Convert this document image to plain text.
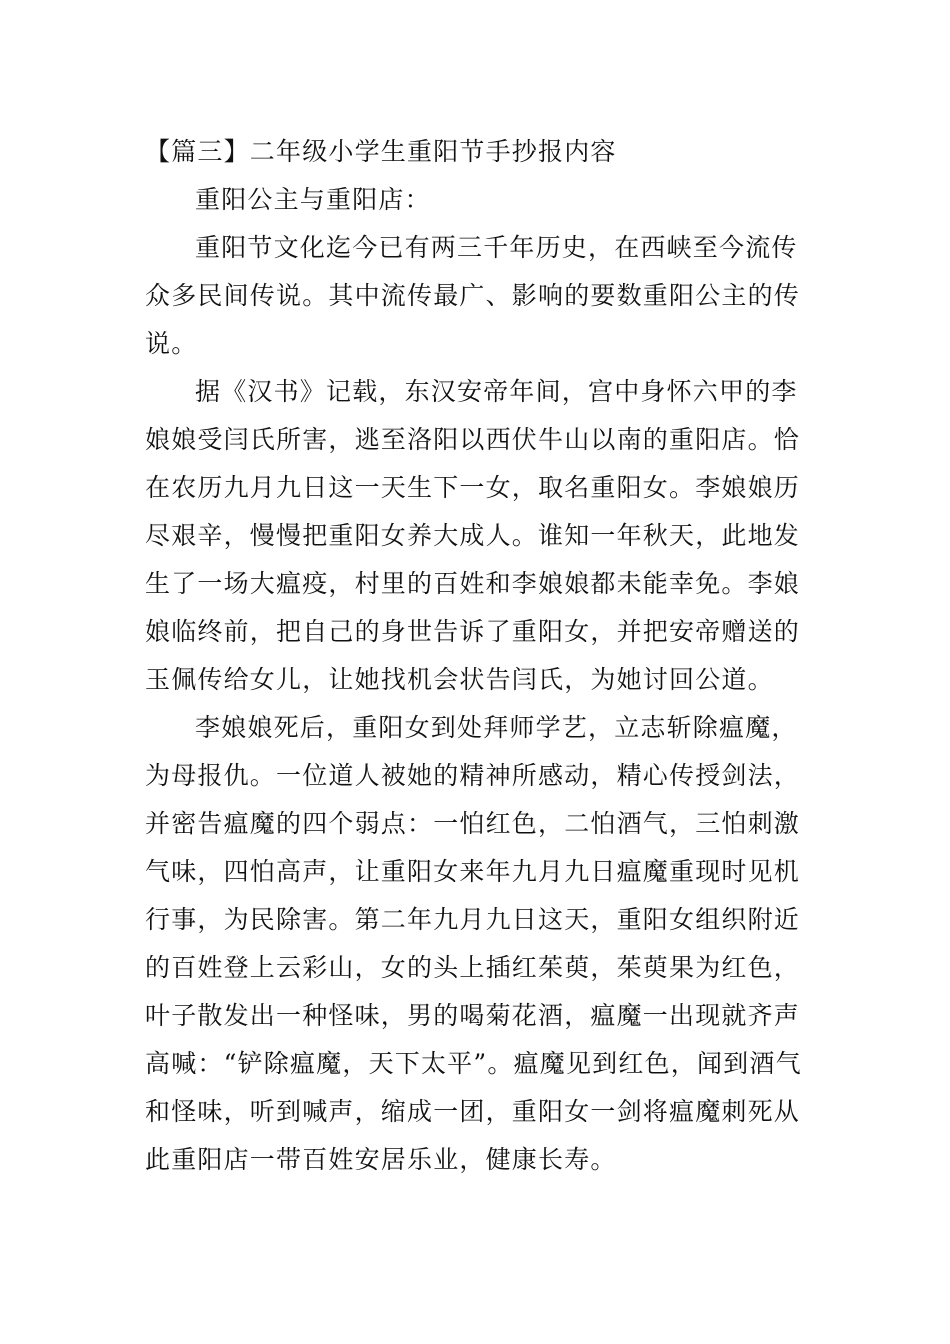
【篇三】二年级小学生重阳节手抄报内容

重阳公主与重阳店：

重阳节文化迄今已有两三千年历史，在西峡至今流传众多民间传说。其中流传最广、影响的要数重阳公主的传说。

据《汉书》记载，东汉安帝年间，宫中身怀六甲的李娘娘受闫氏所害，逃至洛阳以西伏牛山以南的重阳店。恰在农历九月九日这一天生下一女，取名重阳女。李娘娘历尽艰辛，慢慢把重阳女养大成人。谁知一年秋天，此地发生了一场大瘟疫，村里的百姓和李娘娘都未能幸免。李娘娘临终前，把自己的身世告诉了重阳女，并把安帝赠送的玉佩传给女儿，让她找机会状告闫氏，为她讨回公道。

李娘娘死后，重阳女到处拜师学艺，立志斩除瘟魔，为母报仇。一位道人被她的精神所感动，精心传授剑法，并密告瘟魔的四个弱点：一怕红色，二怕酒气，三怕刺激气味，四怕高声，让重阳女来年九月九日瘟魔重现时见机行事，为民除害。第二年九月九日这天，重阳女组织附近的百姓登上云彩山，女的头上插红茱萸，茱萸果为红色，叶子散发出一种怪味，男的喝菊花酒，瘟魔一出现就齐声高喊：“铲除瘟魔，天下太平”。瘟魔见到红色，闻到酒气和怪味，听到喊声，缩成一团，重阳女一剑将瘟魔刺死从此重阳店一带百姓安居乐业，健康长寿。
